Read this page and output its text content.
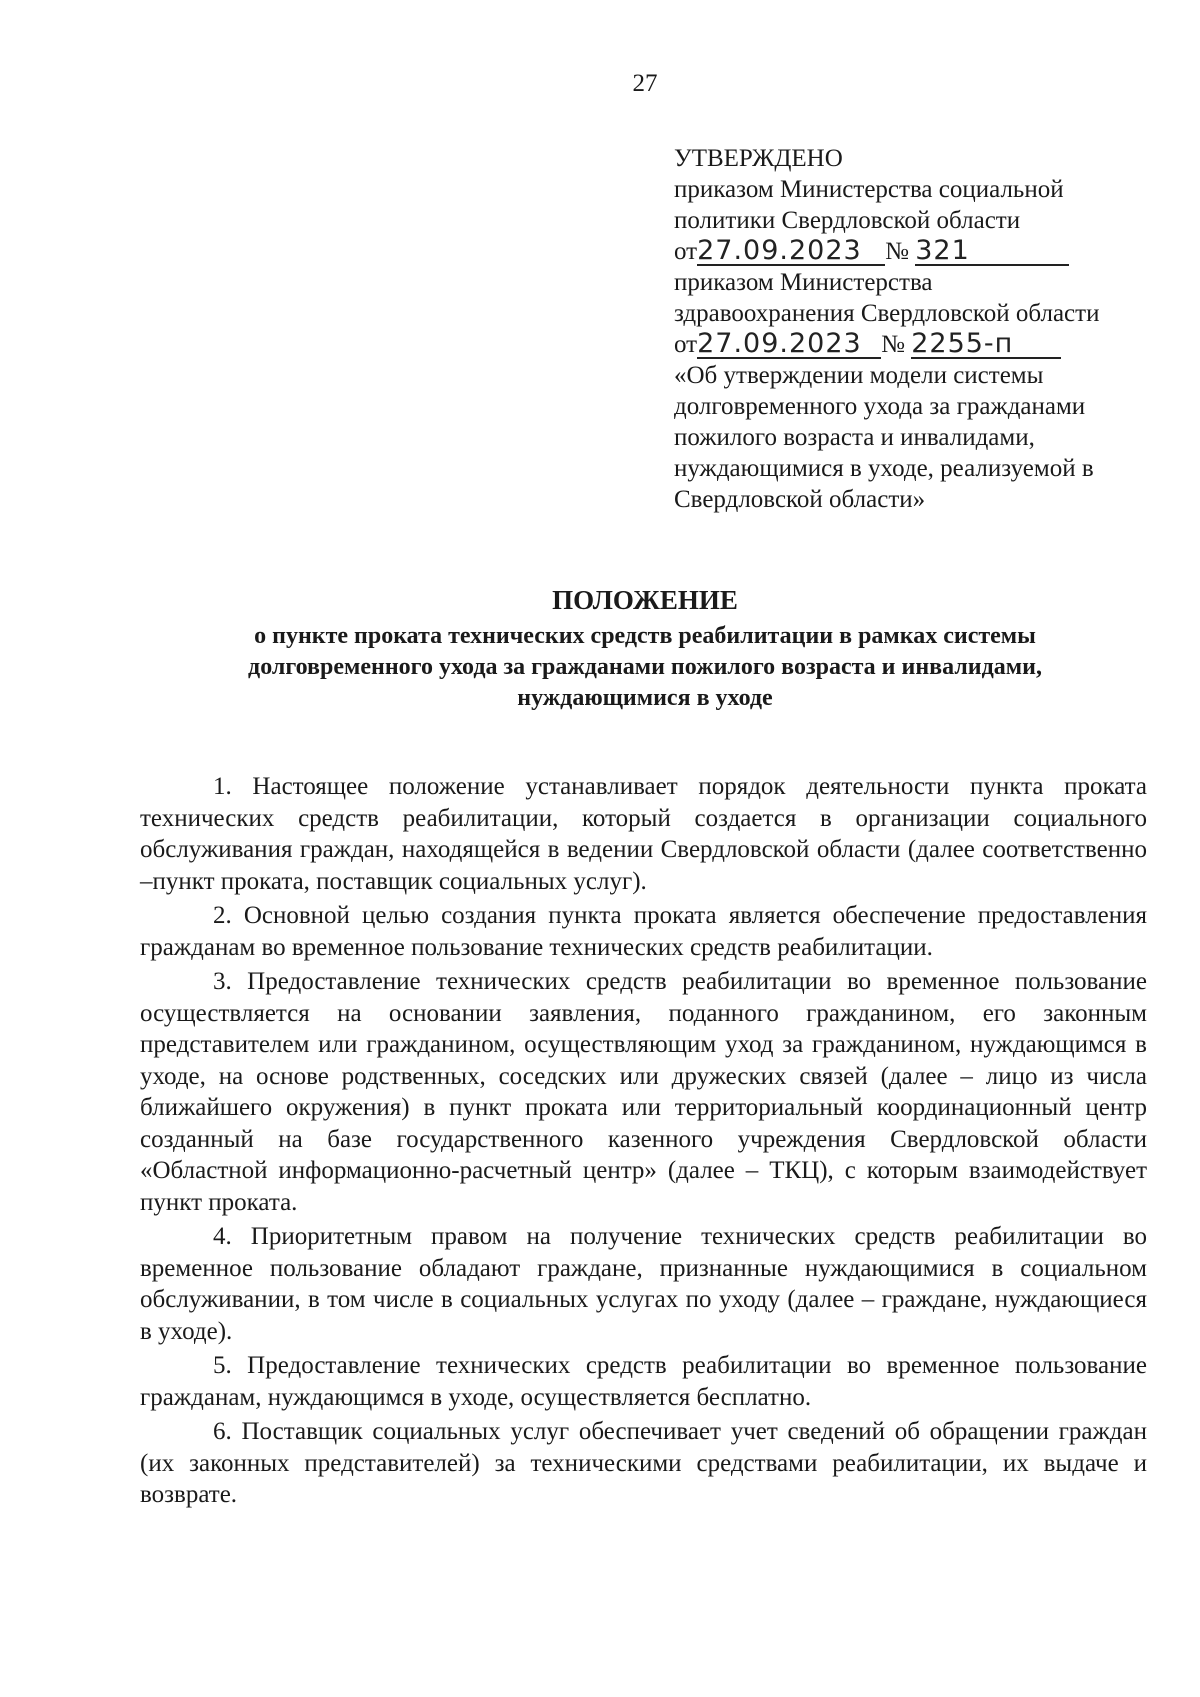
27
УТВЕРЖДЕНО
приказом Министерства социальной
политики Свердловской области
от27.09.2023 № 321
приказом Министерства
здравоохранения Свердловской области
от27.09.2023 № 2255-п
«Об утверждении модели системы
долговременного ухода за гражданами
пожилого возраста и инвалидами,
нуждающимися в уходе, реализуемой в
Свердловской области»
ПОЛОЖЕНИЕ
о пункте проката технических средств реабилитации в рамках системы
долговременного ухода за гражданами пожилого возраста и инвалидами,
нуждающимися в уходе

1. Настоящее положение устанавливает порядок деятельности пункта проката технических средств реабилитации, который создается в организации социального обслуживания граждан, находящейся в ведении Свердловской области (далее соответственно –пункт проката, поставщик социальных услуг).

2. Основной целью создания пункта проката является обеспечение предоставления гражданам во временное пользование технических средств реабилитации.

3. Предоставление технических средств реабилитации во временное пользование осуществляется на основании заявления, поданного гражданином, его законным представителем или гражданином, осуществляющим уход за гражданином, нуждающимся в уходе, на основе родственных, соседских или дружеских связей (далее – лицо из числа ближайшего окружения) в пункт проката или территориальный координационный центр созданный на базе государственного казенного учреждения Свердловской области «Областной информационно-расчетный центр» (далее – ТКЦ), с которым взаимодействует пункт проката.

4. Приоритетным правом на получение технических средств реабилитации во временное пользование обладают граждане, признанные нуждающимися в социальном обслуживании, в том числе в социальных услугах по уходу (далее – граждане, нуждающиеся в уходе).

5. Предоставление технических средств реабилитации во временное пользование гражданам, нуждающимся в уходе, осуществляется бесплатно.

6. Поставщик социальных услуг обеспечивает учет сведений об обращении граждан (их законных представителей) за техническими средствами реабилитации, их выдаче и возврате.
